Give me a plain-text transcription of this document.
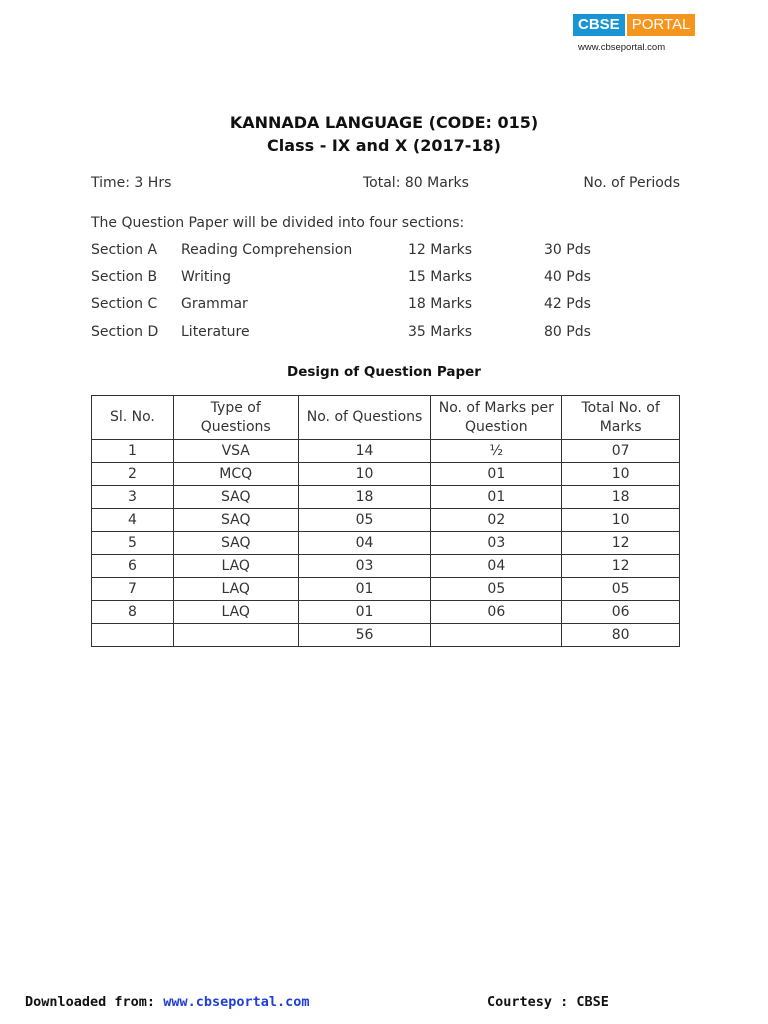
CBSE PORTAL
www.cbseportal.com
KANNADA LANGUAGE (CODE: 015)
Class - IX and X (2017-18)
Time: 3 Hrs	Total: 80 Marks	No. of Periods
The Question Paper will be divided into four sections:
Section A Reading Comprehension	12 Marks	30 Pds
Section B Writing	15 Marks	40 Pds
Section C Grammar	18 Marks	42 Pds
Section D Literature	35 Marks	80 Pds
Design of Question Paper
Sl. No.	Type of Questions	No. of Questions	No. of Marks per Question	Total No. of Marks
1	VSA	14	½	07
2	MCQ	10	01	10
3	SAQ	18	01	18
4	SAQ	05	02	10
5	SAQ	04	03	12
6	LAQ	03	04	12
7	LAQ	01	05	05
8	LAQ	01	06	06
		56		80
Downloaded from: www.cbseportal.com	Courtesy : CBSE
